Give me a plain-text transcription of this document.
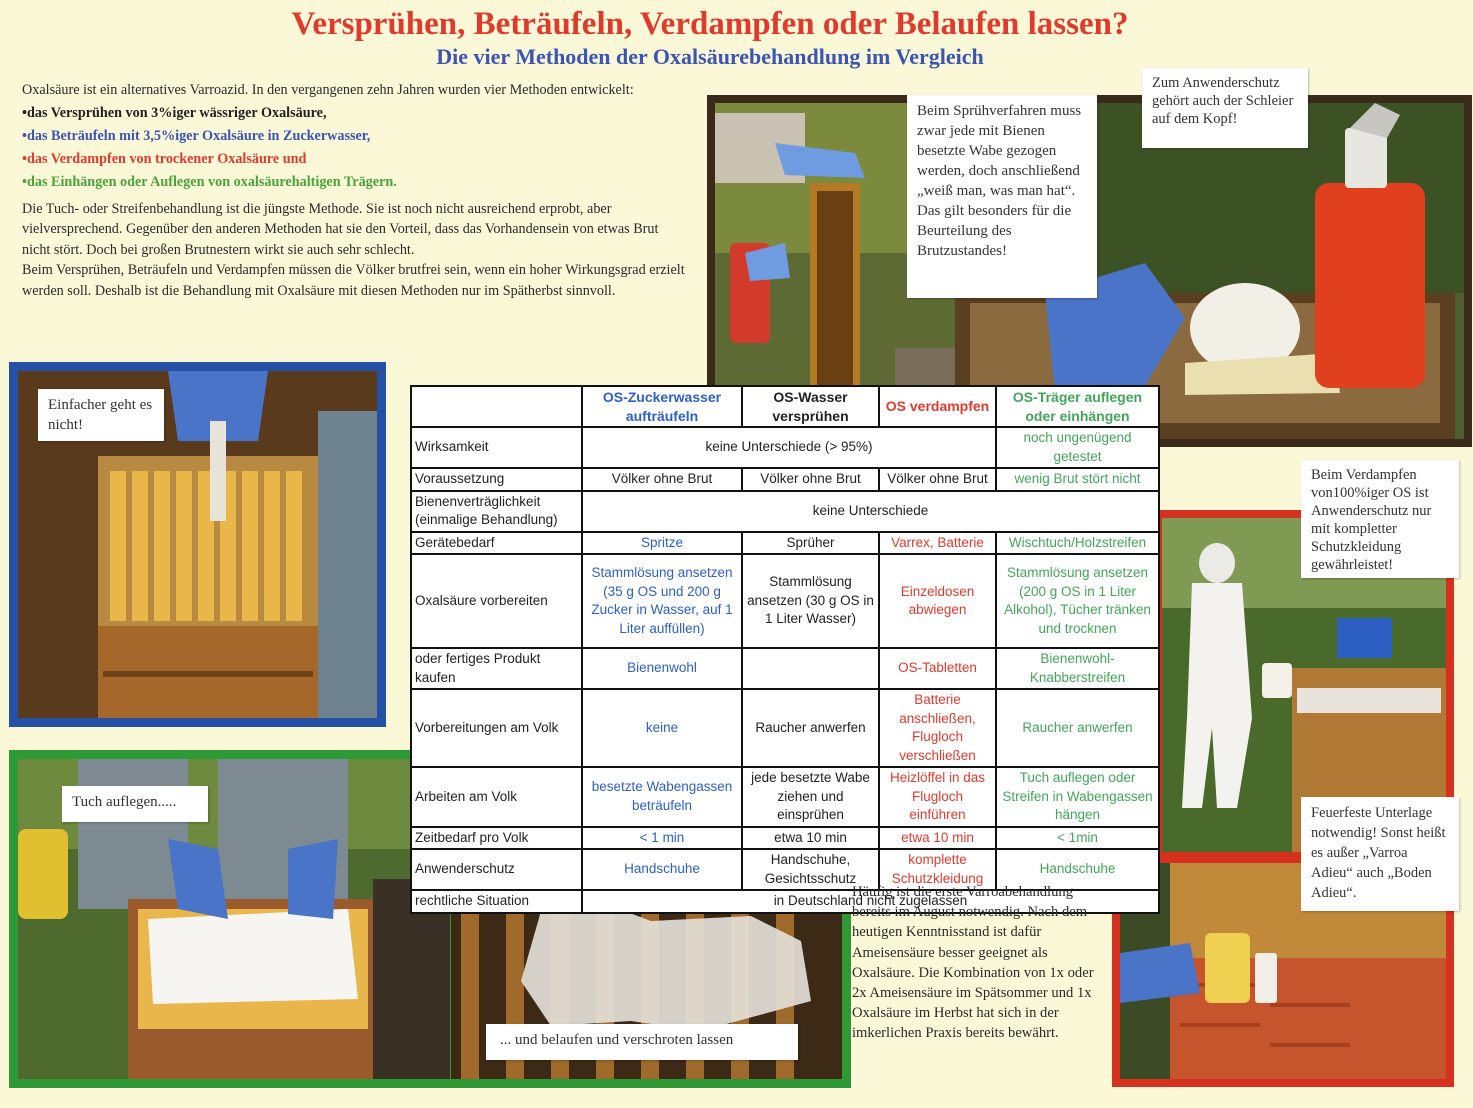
Versprühen, Beträufeln, Verdampfen oder Belaufen lassen?
Die vier Methoden der Oxalsäurebehandlung im Vergleich

Oxalsäure ist ein alternatives Varroazid. In den vergangenen zehn Jahren wurden vier Methoden entwickelt:

•das Versprühen von 3%iger wässriger Oxalsäure,

•das Beträufeln mit 3,5%iger Oxalsäure in Zuckerwasser,

•das Verdampfen von trockener Oxalsäure und

•das Einhängen oder Auflegen von oxalsäurehaltigen Trägern.

Die Tuch- oder Streifenbehandlung ist die jüngste Methode. Sie ist noch nicht ausreichend erprobt, aber vielversprechend. Gegenüber den anderen Methoden hat sie den Vorteil, dass das Vorhandensein von etwas Brut nicht stört. Doch bei großen Brutnestern wirkt sie auch sehr schlecht.

Beim Versprühen, Beträufeln und Verdampfen müssen die Völker brutfrei sein, wenn ein hoher Wirkungsgrad erzielt werden soll. Deshalb ist die Behandlung mit Oxalsäure mit diesen Methoden nur im Spätherbst sinnvoll.

Beim Sprühverfahren muss zwar jede mit Bienen besetzte Wabe gezogen werden, doch anschließend „weiß man, was man hat“. Das gilt besonders für die Beurteilung des Brutzustandes!
Zum Anwenderschutz gehört auch der Schleier auf dem Kopf!
Einfacher geht es nicht!
Tuch auflegen.....
... und belaufen und verschroten lassen
Beim Verdampfen von100%iger OS ist Anwenderschutz nur mit kompletter Schutzkleidung gewährleistet!
Feuerfeste Unterlage notwendig! Sonst heißt es außer „Varroa Adieu“ auch „Boden Adieu“.
	OS-Zuckerwasser aufträufeln	OS-Wasser versprühen	OS verdampfen	OS-Träger auflegen oder einhängen
Wirksamkeit	keine Unterschiede (> 95%)			noch ungenügend getestet
Voraussetzung	Völker ohne Brut	Völker ohne Brut	Völker ohne Brut	wenig Brut stört nicht
Bienenverträglichkeit (einmalige Behandlung)	keine Unterschiede			
Gerätebedarf	Spritze	Sprüher	Varrex, Batterie	Wischtuch/Holzstreifen
Oxalsäure vorbereiten	Stammlösung ansetzen (35 g OS und 200 g Zucker in Wasser, auf 1 Liter auffüllen)	Stammlösung ansetzen (30 g OS in 1 Liter Wasser)	Einzeldosen abwiegen	Stammlösung ansetzen (200 g OS in 1 Liter Alkohol), Tücher tränken und trocknen
oder fertiges Produkt kaufen	Bienenwohl		OS-Tabletten	Bienenwohl-Knabberstreifen
Vorbereitungen am Volk	keine	Raucher anwerfen	Batterie anschließen, Flugloch verschließen	Raucher anwerfen
Arbeiten am Volk	besetzte Wabengassen beträufeln	jede besetzte Wabe ziehen und einsprühen	Heizlöffel in das Flugloch einführen	Tuch auflegen oder Streifen in Wabengassen hängen
Zeitbedarf pro Volk	< 1 min	etwa 10 min	etwa 10 min	< 1min
Anwenderschutz	Handschuhe	Handschuhe, Gesichtsschutz	komplette Schutzkleidung	Handschuhe
rechtliche Situation	in Deutschland nicht zugelassen			
Häufig ist die erste Varroabehandlung bereits im August notwendig. Nach dem heutigen Kenntnisstand ist dafür Ameisensäure besser geeignet als Oxalsäure. Die Kombination von 1x oder 2x Ameisensäure im Spätsommer und 1x Oxalsäure im Herbst hat sich in der imkerlichen Praxis bereits bewährt.
